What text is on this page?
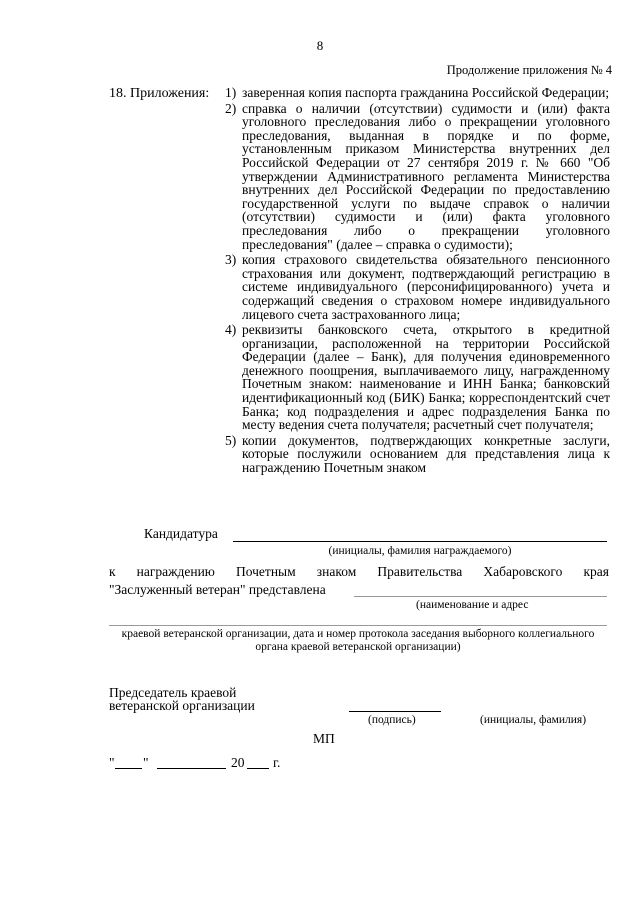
8
Продолжение приложения № 4
18. Приложения: 1) заверенная копия паспорта гражданина Российской Федерации;
2) справка о наличии (отсутствии) судимости и (или) факта уголовного преследования либо о прекращении уголовного преследования, выданная в порядке и по форме, установленным приказом Министерства внутренних дел Российской Федерации от 27 сентября 2019 г. № 660 "Об утверждении Административного регламента Министерства внутренних дел Российской Федерации по предоставлению государственной услуги по выдаче справок о наличии (отсутствии) судимости и (или) факта уголовного преследования либо о прекращении уголовного преследования" (далее – справка о судимости);
3) копия страхового свидетельства обязательного пенсионного страхования или документ, подтверждающий регистрацию в системе индивидуального (персонифицированного) учета и содержащий сведения о страховом номере индивидуального лицевого счета застрахованного лица;
4) реквизиты банковского счета, открытого в кредитной организации, расположенной на территории Российской Федерации (далее – Банк), для получения единовременного денежного поощрения, выплачиваемого лицу, награжденному Почетным знаком: наименование и ИНН Банка; банковский идентификационный код (БИК) Банка; корреспондентский счет Банка; код подразделения и адрес подразделения Банка по месту ведения счета получателя; расчетный счет получателя;
5) копии документов, подтверждающих конкретные заслуги, которые послужили основанием для представления лица к награждению Почетным знаком
Кандидатура
(инициалы, фамилия награждаемого)
к награждению Почетным знаком Правительства Хабаровского края
"Заслуженный ветеран" представлена
(наименование и адрес
краевой ветеранской организации, дата и номер протокола заседания выборного коллегиального органа краевой ветеранской организации)
Председатель краевой
ветеранской организации
(подпись)	(инициалы, фамилия)
МП
" "	20 г.
